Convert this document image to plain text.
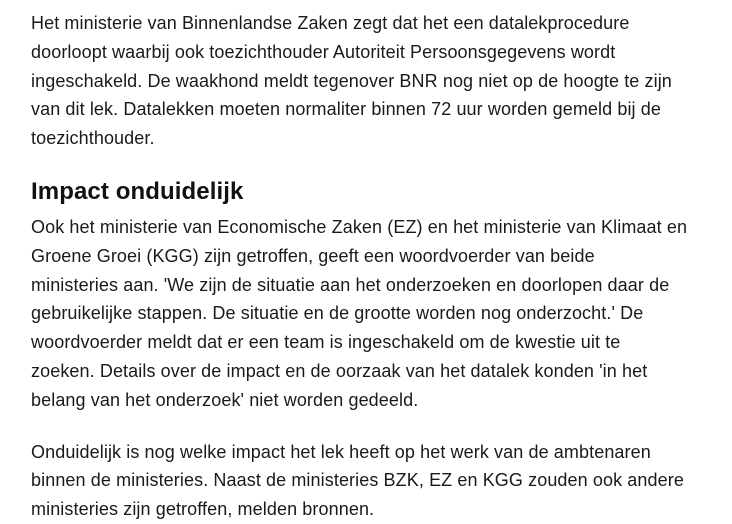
Het ministerie van Binnenlandse Zaken zegt dat het een datalekprocedure
doorloopt waarbij ook toezichthouder Autoriteit Persoonsgegevens wordt
ingeschakeld. De waakhond meldt tegenover BNR nog niet op de hoogte te zijn
van dit lek. Datalekken moeten normaliter binnen 72 uur worden gemeld bij de
toezichthouder.

Impact onduidelijk

Ook het ministerie van Economische Zaken (EZ) en het ministerie van Klimaat en
Groene Groei (KGG) zijn getroffen, geeft een woordvoerder van beide
ministeries aan. 'We zijn de situatie aan het onderzoeken en doorlopen daar de
gebruikelijke stappen. De situatie en de grootte worden nog onderzocht.' De
woordvoerder meldt dat er een team is ingeschakeld om de kwestie uit te
zoeken. Details over de impact en de oorzaak van het datalek konden 'in het
belang van het onderzoek' niet worden gedeeld.

Onduidelijk is nog welke impact het lek heeft op het werk van de ambtenaren
binnen de ministeries. Naast de ministeries BZK, EZ en KGG zouden ook andere
ministeries zijn getroffen, melden bronnen.
